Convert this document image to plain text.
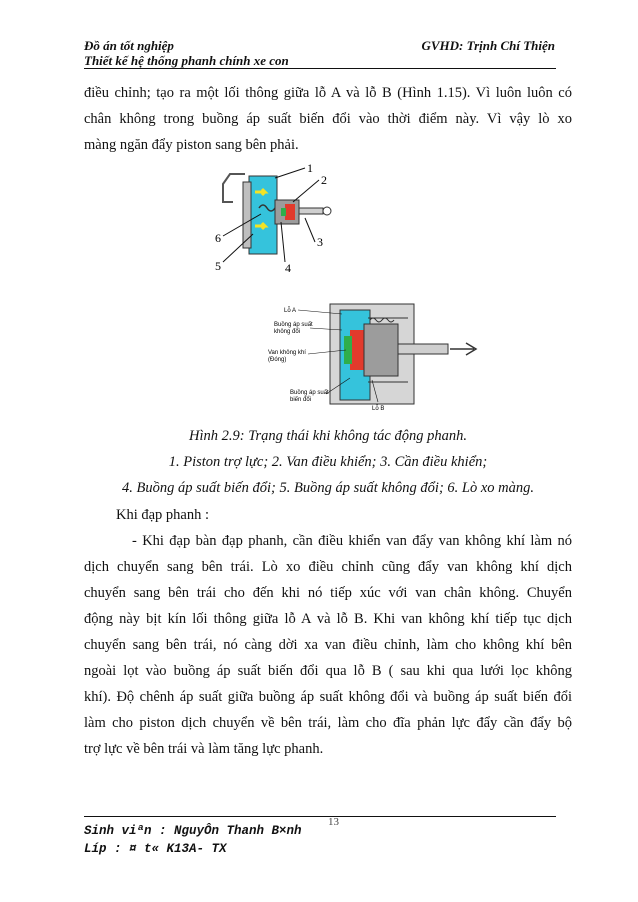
Đồ án tốt nghiệp
Thiết kế hệ thống phanh chính xe con
GVHD: Trịnh Chí Thiện
điều chỉnh; tạo ra một lối thông giữa lỗ A và lỗ B (Hình 1.15). Vì luôn luôn có
chân không trong buồng áp suất biến đổi vào thời điểm này. Vì vậy lò xo
màng ngăn đẩy piston sang bên phải.
1
2
3
4
5
6
Lỗ A
Buồng áp suất
không đổi
Van không khí
(Đóng)
Buồng áp suất
biến đổi
Lỗ B
Hình 2.9: Trạng thái khi không tác động phanh.
1. Piston trợ lực; 2. Van điều khiển; 3. Cần điều khiển;
4. Buồng áp suất biến đổi; 5. Buồng áp suất không đổi; 6. Lò xo màng.
Khi đạp phanh :
- Khi đạp bàn đạp phanh, cần điều khiển van đẩy van không khí làm nó
dịch chuyển sang bên trái. Lò xo điều chỉnh cũng đẩy van không khí dịch
chuyển sang bên trái cho đến khi nó tiếp xúc với van chân không. Chuyển
động này bịt kín lối thông giữa lỗ A và lỗ B. Khi van không khí tiếp tục dịch
chuyển sang bên trái, nó càng dời xa van điều chỉnh, làm cho không khí bên
ngoài lọt vào buồng áp suất biến đổi qua lỗ B ( sau khi qua lưới lọc không
khí). Độ chênh áp suất giữa buồng áp suất không đổi và buồng áp suất biến đổi
làm cho piston dịch chuyển về bên trái, làm cho đĩa phản lực đẩy cần đẩy bộ
trợ lực về bên trái và làm tăng lực phanh.
Sinh viªn : NguyÔn Thanh B×nh
13
Líp : ¤ t« K13A- TX
